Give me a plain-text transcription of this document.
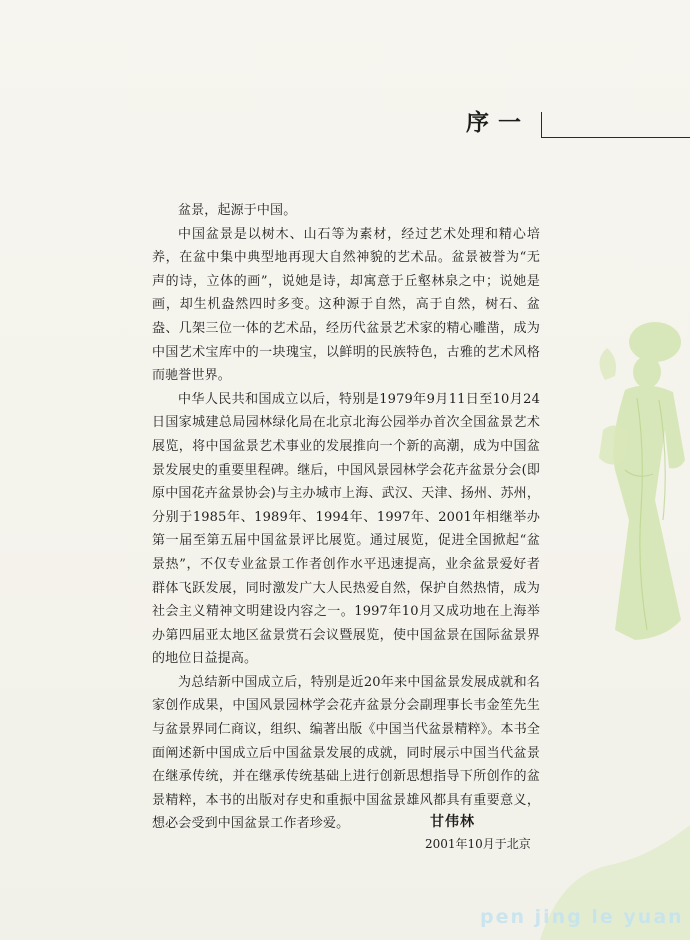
序一

盆景，起源于中国。

中国盆景是以树木、山石等为素材，经过艺术处理和精心培养，在盆中集中典型地再现大自然神貌的艺术品。盆景被誉为“无声的诗，立体的画”，说她是诗，却寓意于丘壑林泉之中；说她是画，却生机盎然四时多变。这种源于自然，高于自然，树石、盆盎、几架三位一体的艺术品，经历代盆景艺术家的精心雕凿，成为中国艺术宝库中的一块瑰宝，以鲜明的民族特色，古雅的艺术风格而驰誉世界。

中华人民共和国成立以后，特别是1979年9月11日至10月24日国家城建总局园林绿化局在北京北海公园举办首次全国盆景艺术展览，将中国盆景艺术事业的发展推向一个新的高潮，成为中国盆景发展史的重要里程碑。继后，中国风景园林学会花卉盆景分会(即原中国花卉盆景协会)与主办城市上海、武汉、天津、扬州、苏州，分别于1985年、1989年、1994年、1997年、2001年相继举办第一届至第五届中国盆景评比展览。通过展览，促进全国掀起“盆景热”，不仅专业盆景工作者创作水平迅速提高，业余盆景爱好者群体飞跃发展，同时激发广大人民热爱自然，保护自然热情，成为社会主义精神文明建设内容之一。1997年10月又成功地在上海举办第四届亚太地区盆景赏石会议暨展览，使中国盆景在国际盆景界的地位日益提高。

为总结新中国成立后，特别是近20年来中国盆景发展成就和名家创作成果，中国风景园林学会花卉盆景分会副理事长韦金笙先生与盆景界同仁商议，组织、编著出版《中国当代盆景精粹》。本书全面阐述新中国成立后中国盆景发展的成就，同时展示中国当代盆景在继承传统，并在继承传统基础上进行创新思想指导下所创作的盆景精粹，本书的出版对存史和重振中国盆景雄风都具有重要意义，想必会受到中国盆景工作者珍爱。	甘伟林
2001年10月于北京
pen jing le yuan
